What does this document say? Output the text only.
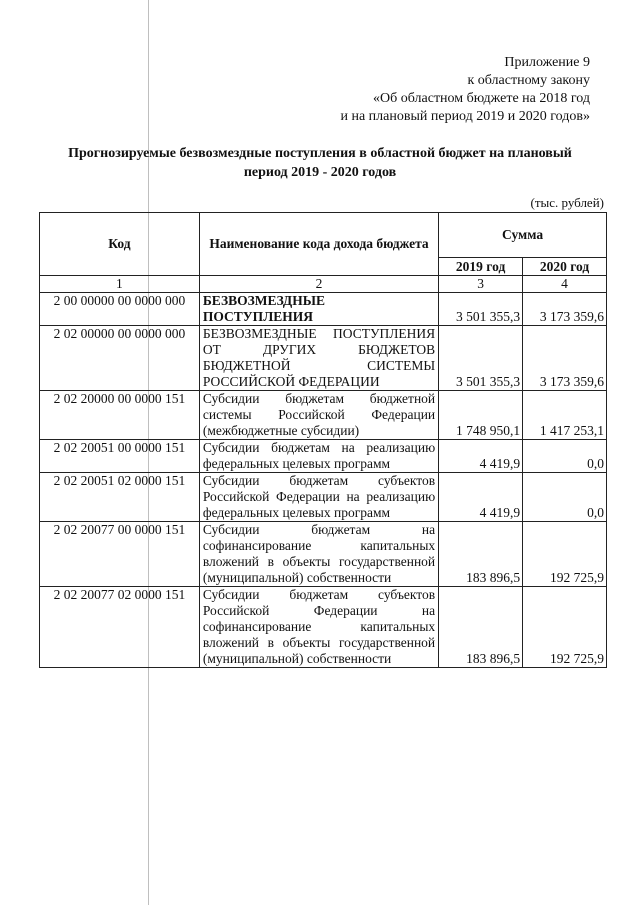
Приложение 9
к областному закону
«Об областном бюджете на 2018 год
и на плановый период 2019 и 2020 годов»
Прогнозируемые безвозмездные поступления в областной бюджет на плановый
период 2019 - 2020 годов
(тыс. рублей)
Код	Наименование кода дохода бюджета	Сумма	
		2019 год	2020 год
1	2	3	4
2 00 00000 00 0000 000	БЕЗВОЗМЕЗДНЫЕ ПОСТУПЛЕНИЯ	3 501 355,3	3 173 359,6
2 02 00000 00 0000 000	БЕЗВОЗМЕЗДНЫЕ ПОСТУПЛЕНИЯ ОТ ДРУГИХ БЮДЖЕТОВ БЮДЖЕТНОЙ СИСТЕМЫ РОССИЙСКОЙ ФЕДЕРАЦИИ	3 501 355,3	3 173 359,6
2 02 20000 00 0000 151	Субсидии бюджетам бюджетной системы Российской Федерации (межбюджетные субсидии)	1 748 950,1	1 417 253,1
2 02 20051 00 0000 151	Субсидии бюджетам на реализацию федеральных целевых программ	4 419,9	0,0
2 02 20051 02 0000 151	Субсидии бюджетам субъектов Российской Федерации на реализацию федеральных целевых программ	4 419,9	0,0
2 02 20077 00 0000 151	Субсидии бюджетам на софинансирование капитальных вложений в объекты государственной (муниципальной) собственности	183 896,5	192 725,9
2 02 20077 02 0000 151	Субсидии бюджетам субъектов Российской Федерации на софинансирование капитальных вложений в объекты государственной (муниципальной) собственности	183 896,5	192 725,9
